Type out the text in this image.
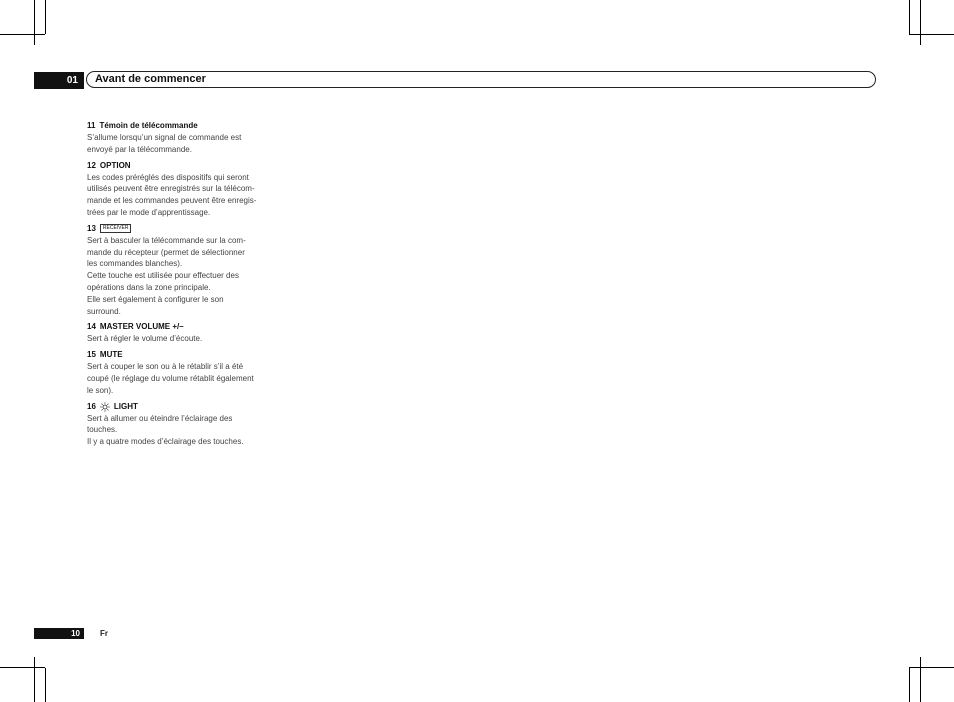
01	Avant de commencer
11 Témoin de télécommande
S’allume lorsqu’un signal de commande est
envoyé par la télécommande.
12 OPTION
Les codes préréglés des dispositifs qui seront
utilisés peuvent être enregistrés sur la télécom-
mande et les commandes peuvent être enregis-
trées par le mode d’apprentissage.
13	RECEIVER
Sert à basculer la télécommande sur la com-
mande du récepteur (permet de sélectionner
les commandes blanches).
Cette touche est utilisée pour effectuer des
opérations dans la zone principale.
Elle sert également à configurer le son
surround.
14 MASTER VOLUME +/–
Sert à régler le volume d’écoute.
15 MUTE
Sert à couper le son ou à le rétablir s’il a été
coupé (le réglage du volume rétablit également
le son).
16 LIGHT
Sert à allumer ou éteindre l’éclairage des
touches.
Il y a quatre modes d’éclairage des touches.
10	Fr
